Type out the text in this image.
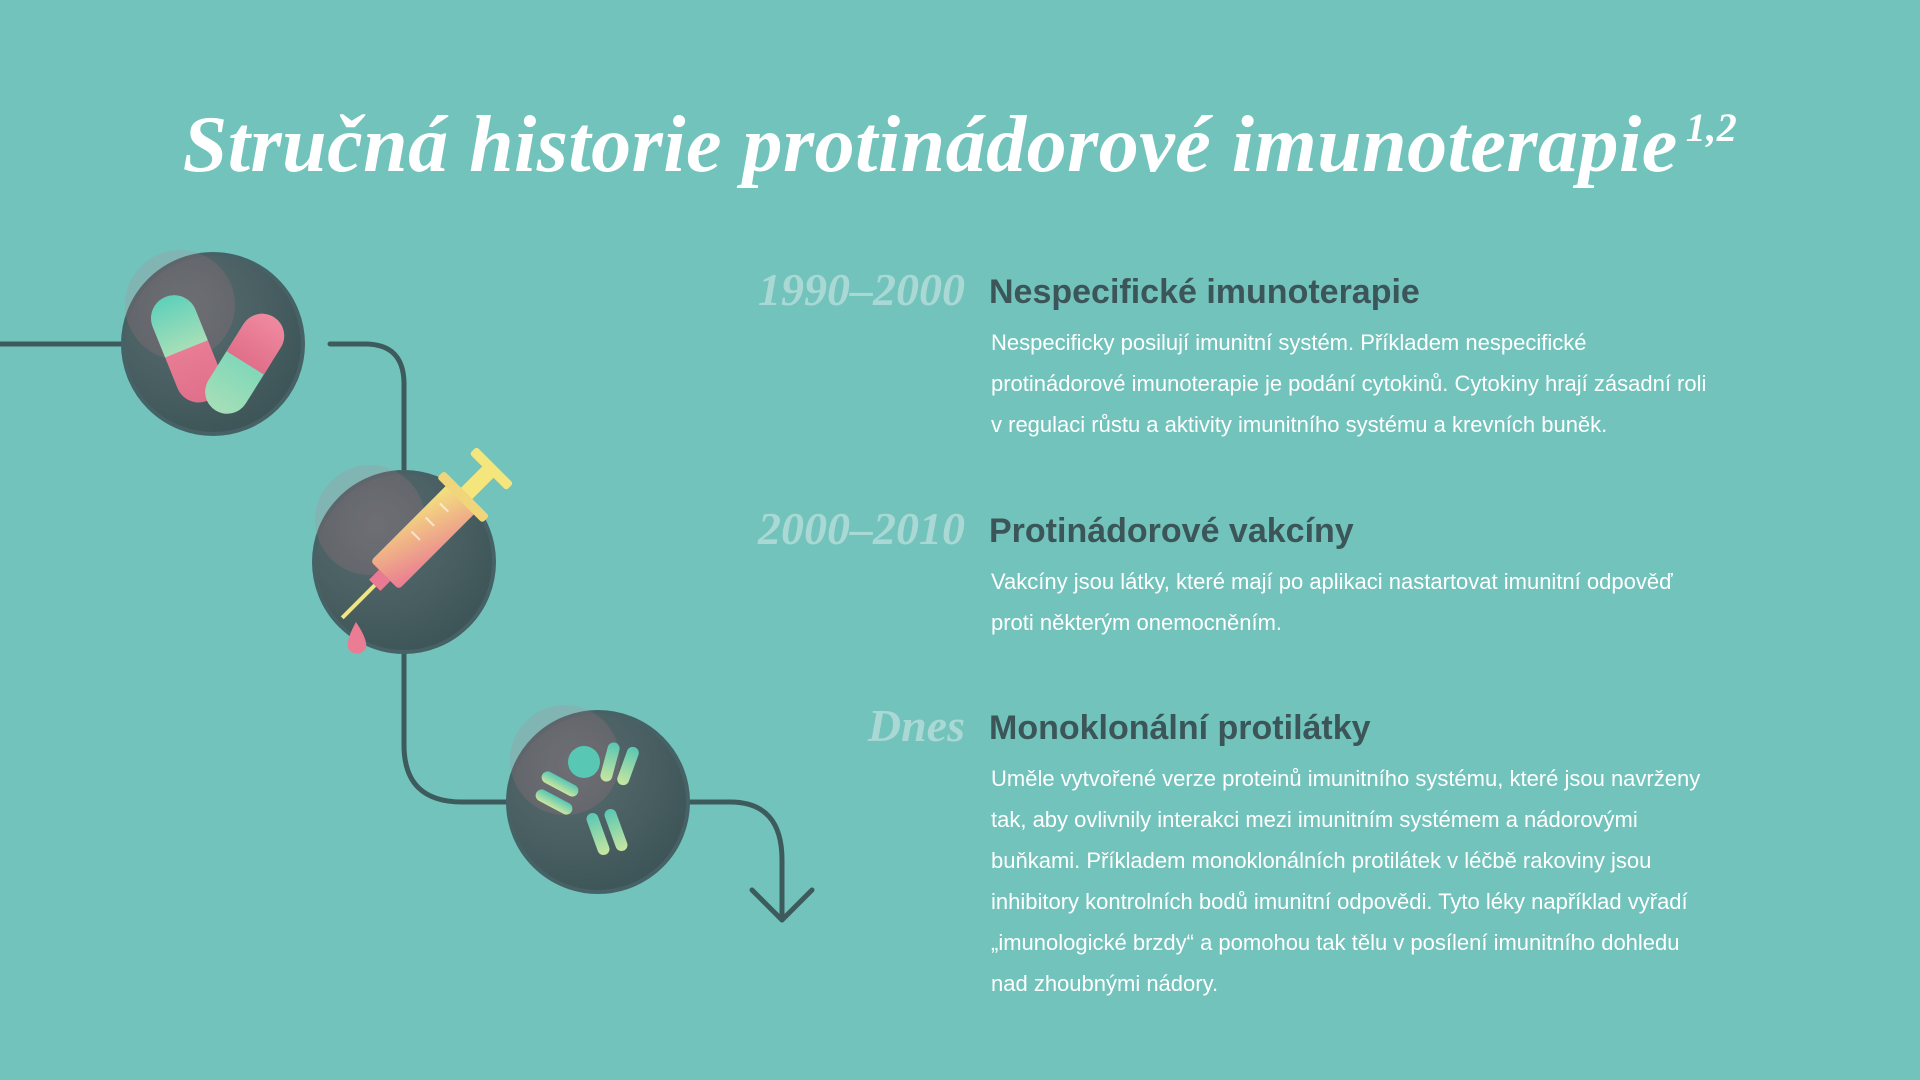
Stručná historie protinádorové imunoterapie $^{1,2}$
1990–2000 Nespecifické imunoterapie

Nespecificky posilují imunitní systém. Příkladem nespecifické protinádorové imunoterapie je podání cytokinů. Cytokiny hrají zásadní roli v regulaci růstu a aktivity imunitního systému a krevních buněk.

2000–2010 Protinádorové vakcíny

Vakcíny jsou látky, které mají po aplikaci nastartovat imunitní odpověď proti některým onemocněním.

Dnes Monoklonální protilátky

Uměle vytvořené verze proteinů imunitního systému, které jsou navrženy tak, aby ovlivnily interakci mezi imunitním systémem a nádorovými buňkami. Příkladem monoklonálních protilátek v léčbě rakoviny jsou inhibitory kontrolních bodů imunitní odpovědi. Tyto léky například vyřadí „imunologické brzdy“ a pomohou tak tělu v posílení imunitního dohledu nad zhoubnými nádory.
